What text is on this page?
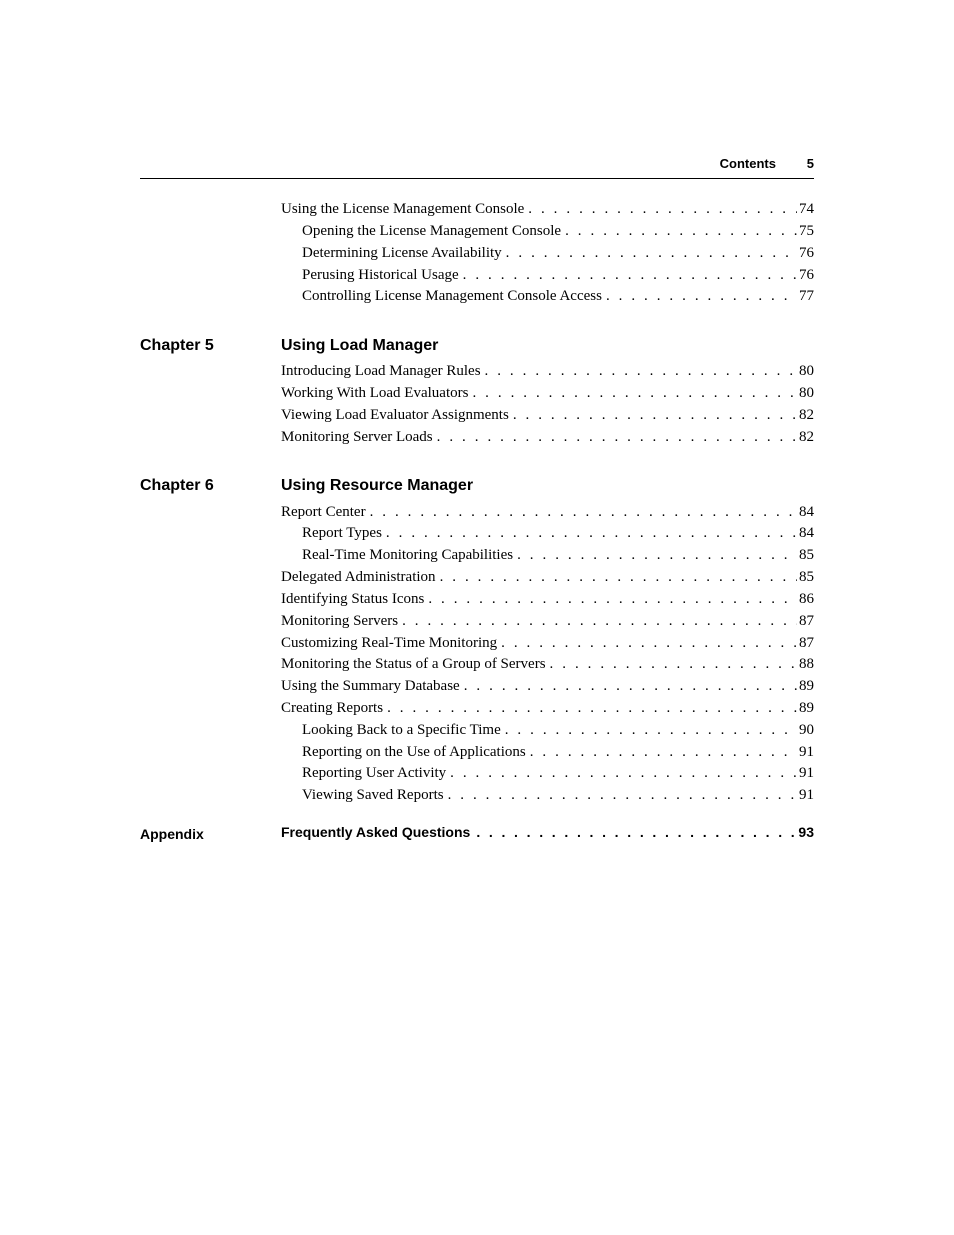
Contents 5
Using the License Management Console . . .	74
Opening the License Management Console . . .	75
Determining License Availability . . .	76
Perusing Historical Usage . . .	76
Controlling License Management Console Access . . .	77
Chapter 5	Using Load Manager
Introducing Load Manager Rules . . .	80
Working With Load Evaluators . . .	80
Viewing Load Evaluator Assignments . . .	82
Monitoring Server Loads . . .	82
Chapter 6	Using Resource Manager
Report Center . . .	84
Report Types . . .	84
Real-Time Monitoring Capabilities . . .	85
Delegated Administration . . .	85
Identifying Status Icons . . .	86
Monitoring Servers . . .	87
Customizing Real-Time Monitoring . . .	87
Monitoring the Status of a Group of Servers . . .	88
Using the Summary Database . . .	89
Creating Reports . . .	89
Looking Back to a Specific Time . . .	90
Reporting on the Use of Applications . . .	91
Reporting User Activity . . .	91
Viewing Saved Reports . . .	91
Appendix	Frequently Asked Questions . . .	93
